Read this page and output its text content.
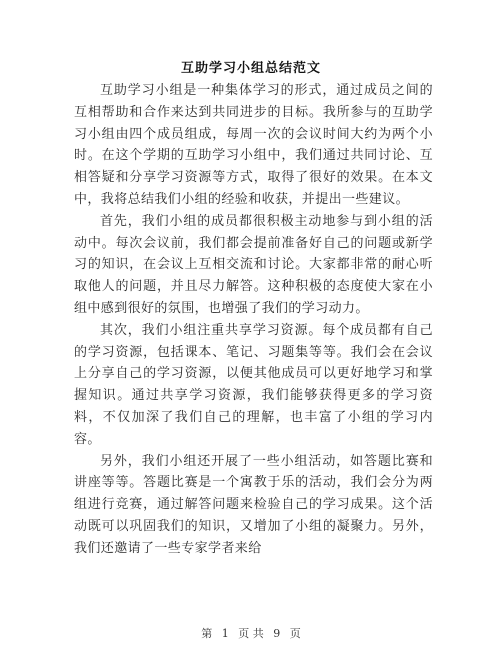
互助学习小组总结范文

互助学习小组是一种集体学习的形式，通过成员之间的互相帮助和合作来达到共同进步的目标。我所参与的互助学习小组由四个成员组成，每周一次的会议时间大约为两个小时。在这个学期的互助学习小组中，我们通过共同讨论、互相答疑和分享学习资源等方式，取得了很好的效果。在本文中，我将总结我们小组的经验和收获，并提出一些建议。

首先，我们小组的成员都很积极主动地参与到小组的活动中。每次会议前，我们都会提前准备好自己的问题或新学习的知识，在会议上互相交流和讨论。大家都非常的耐心听取他人的问题，并且尽力解答。这种积极的态度使大家在小组中感到很好的氛围，也增强了我们的学习动力。

其次，我们小组注重共享学习资源。每个成员都有自己的学习资源，包括课本、笔记、习题集等等。我们会在会议上分享自己的学习资源，以便其他成员可以更好地学习和掌握知识。通过共享学习资源，我们能够获得更多的学习资料，不仅加深了我们自己的理解，也丰富了小组的学习内容。

另外，我们小组还开展了一些小组活动，如答题比赛和讲座等等。答题比赛是一个寓教于乐的活动，我们会分为两组进行竞赛，通过解答问题来检验自己的学习成果。这个活动既可以巩固我们的知识，又增加了小组的凝聚力。另外，我们还邀请了一些专家学者来给

第 1 页 共 9 页
